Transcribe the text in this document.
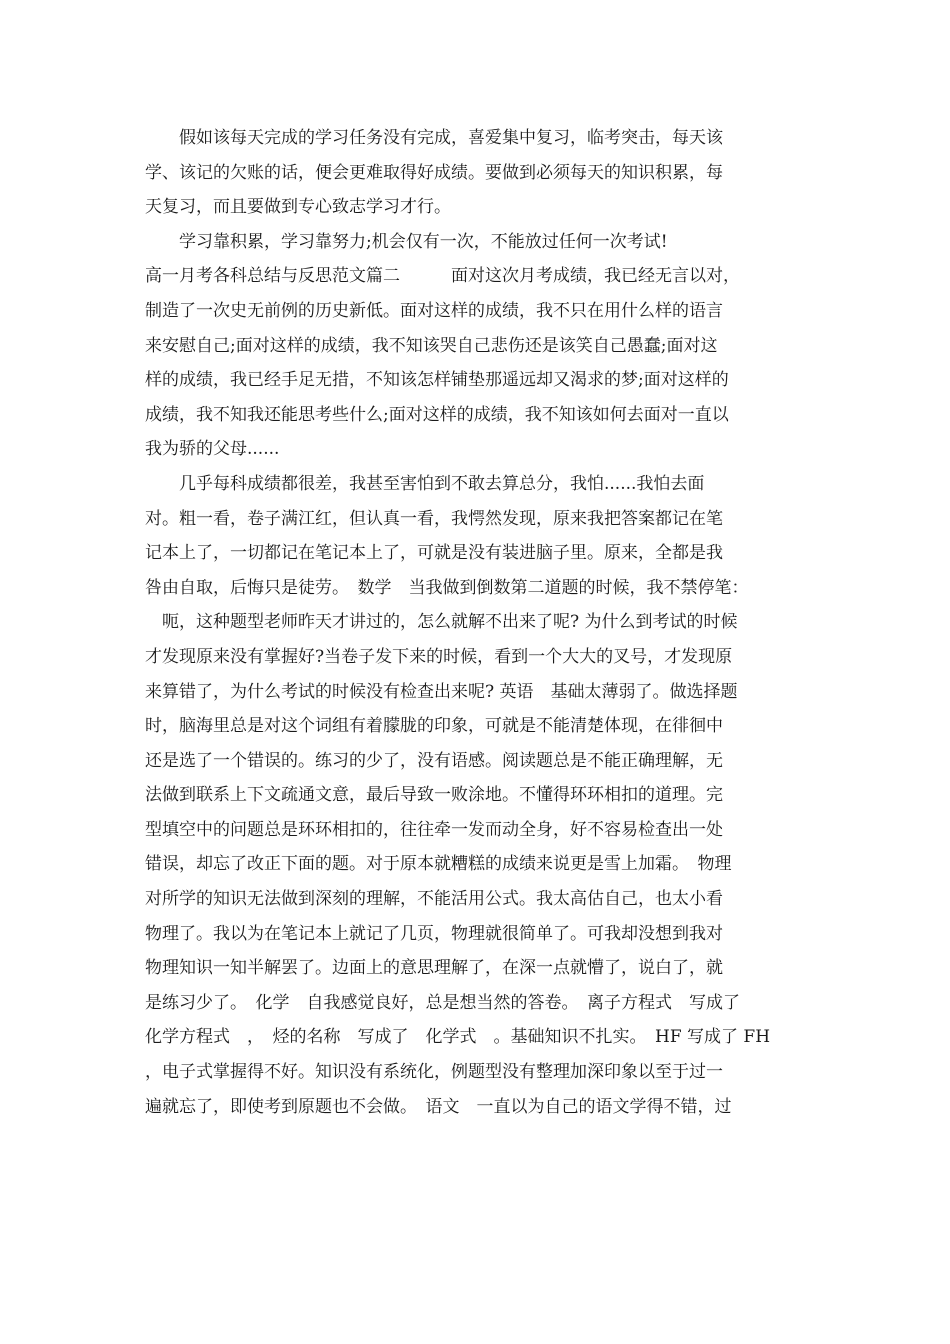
　　假如该每天完成的学习任务没有完成，喜爱集中复习，临考突击，每天该
学、该记的欠账的话，便会更难取得好成绩。要做到必须每天的知识积累，每
天复习，而且要做到专心致志学习才行。
　　学习靠积累，学习靠努力;机会仅有一次，不能放过任何一次考试!
高一月考各科总结与反思范文篇二　　　面对这次月考成绩，我已经无言以对，
制造了一次史无前例的历史新低。面对这样的成绩，我不只在用什么样的语言
来安慰自己;面对这样的成绩，我不知该哭自己悲伤还是该笑自己愚蠢;面对这
样的成绩，我已经手足无措，不知该怎样铺垫那遥远却又渴求的梦;面对这样的
成绩，我不知我还能思考些什么;面对这样的成绩，我不知该如何去面对一直以
我为骄的父母......
　　几乎每科成绩都很差，我甚至害怕到不敢去算总分，我怕......我怕去面
对。粗一看，卷子满江红，但认真一看，我愕然发现，原来我把答案都记在笔
记本上了，一切都记在笔记本上了，可就是没有装进脑子里。原来，全都是我
咎由自取，后悔只是徒劳。　数学　当我做到倒数第二道题的时候，我不禁停笔：
　呃，这种题型老师昨天才讲过的，怎么就解不出来了呢? 为什么到考试的时候
才发现原来没有掌握好?当卷子发下来的时候，看到一个大大的叉号，才发现原
来算错了，为什么考试的时候没有检查出来呢? 英语　基础太薄弱了。做选择题
时，脑海里总是对这个词组有着朦胧的印象，可就是不能清楚体现，在徘徊中
还是选了一个错误的。练习的少了，没有语感。阅读题总是不能正确理解，无
法做到联系上下文疏通文意，最后导致一败涂地。不懂得环环相扣的道理。完
型填空中的问题总是环环相扣的，往往牵一发而动全身，好不容易检查出一处
错误，却忘了改正下面的题。对于原本就糟糕的成绩来说更是雪上加霜。　物理
对所学的知识无法做到深刻的理解，不能活用公式。我太高估自己，也太小看
物理了。我以为在笔记本上就记了几页，物理就很简单了。可我却没想到我对
物理知识一知半解罢了。边面上的意思理解了，在深一点就懵了，说白了，就
是练习少了。　化学　自我感觉良好，总是想当然的答卷。　离子方程式　写成了
化学方程式　，　烃的名称　写成了　化学式　。基础知识不扎实。　HF 写成了 FH
，电子式掌握得不好。知识没有系统化，例题型没有整理加深印象以至于过一
遍就忘了，即使考到原题也不会做。　语文　一直以为自己的语文学得不错，过
